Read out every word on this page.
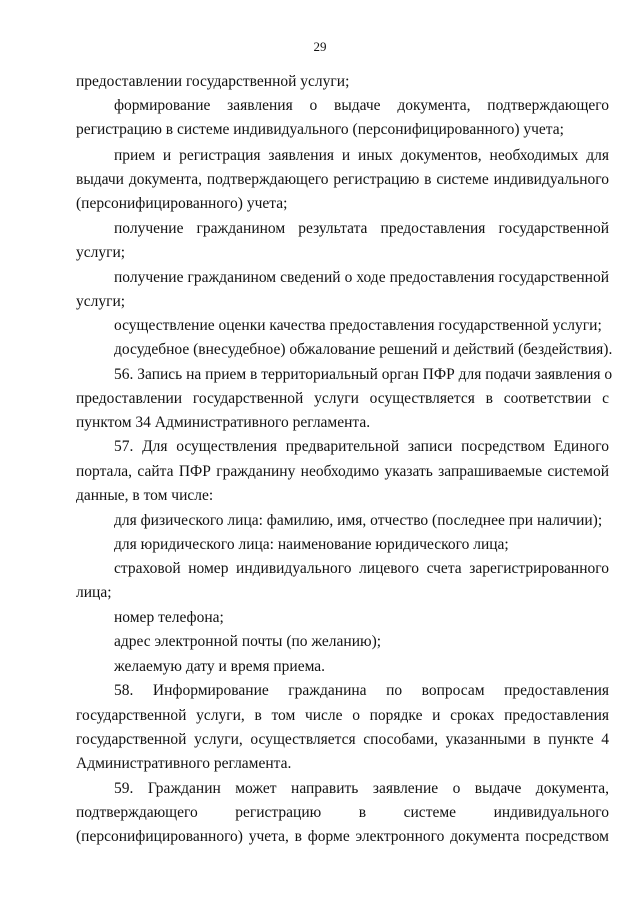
29
предоставлении государственной услуги;
формирование заявления о выдаче документа, подтверждающего
регистрацию в системе индивидуального (персонифицированного) учета;
прием и регистрация заявления и иных документов, необходимых для
выдачи документа, подтверждающего регистрацию в системе индивидуального
(персонифицированного) учета;
получение гражданином результата предоставления государственной
услуги;
получение гражданином сведений о ходе предоставления государственной
услуги;
осуществление оценки качества предоставления государственной услуги;
досудебное (внесудебное) обжалование решений и действий (бездействия).
56. Запись на прием в территориальный орган ПФР для подачи заявления о
предоставлении государственной услуги осуществляется в соответствии с
пунктом 34 Административного регламента.
57. Для осуществления предварительной записи посредством Единого
портала, сайта ПФР гражданину необходимо указать запрашиваемые системой
данные, в том числе:
для физического лица: фамилию, имя, отчество (последнее при наличии);
для юридического лица: наименование юридического лица;
страховой номер индивидуального лицевого счета зарегистрированного
лица;
номер телефона;
адрес электронной почты (по желанию);
желаемую дату и время приема.
58. Информирование гражданина по вопросам предоставления
государственной услуги, в том числе о порядке и сроках предоставления
государственной услуги, осуществляется способами, указанными в пункте 4
Административного регламента.
59. Гражданин может направить заявление о выдаче документа,
подтверждающего регистрацию в системе индивидуального
(персонифицированного) учета, в форме электронного документа посредством
